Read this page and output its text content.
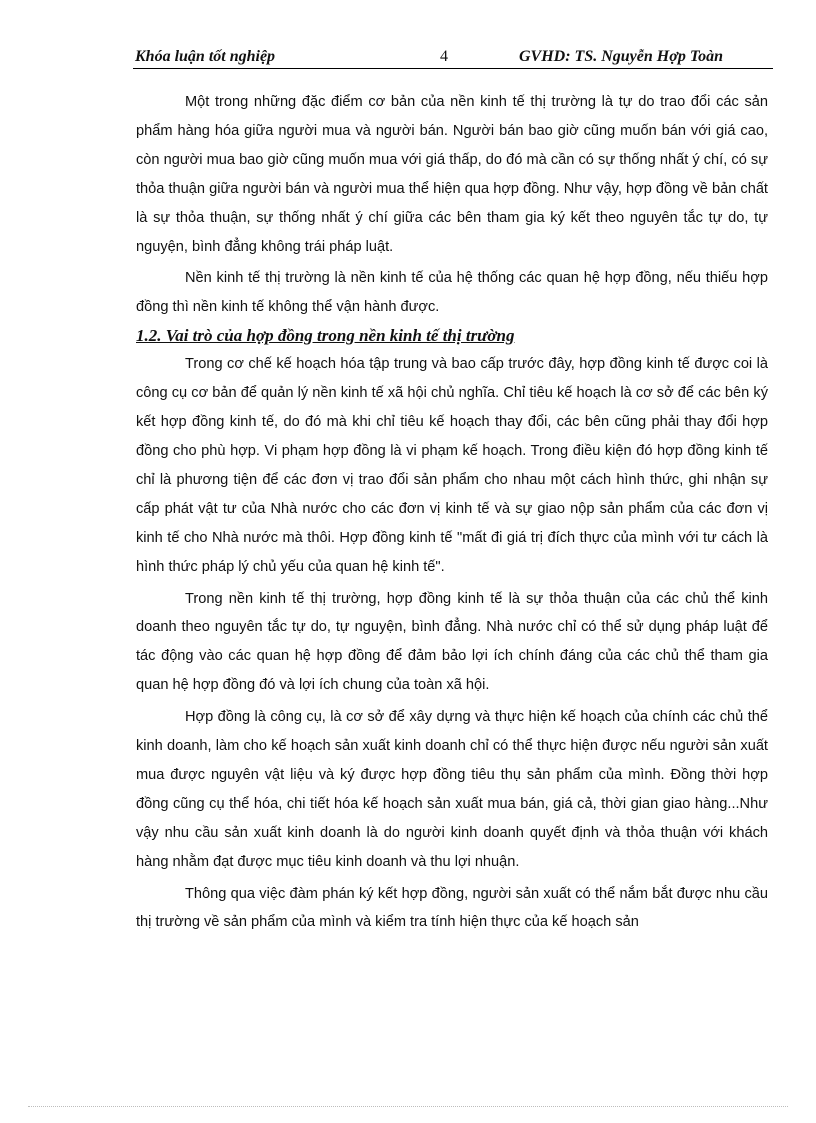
Khóa luận tốt nghiệp	4	GVHD: TS. Nguyễn Hợp Toàn

Một trong những đặc điểm cơ bản của nền kinh tế thị trường là tự do trao đổi các sản phẩm hàng hóa giữa người mua và người bán. Người bán bao giờ cũng muốn bán với giá cao, còn người mua bao giờ cũng muốn mua với giá thấp, do đó mà cần có sự thống nhất ý chí, có sự thỏa thuận giữa người bán và người mua thể hiện qua hợp đồng. Như vậy, hợp đồng về bản chất là sự thỏa thuận, sự thống nhất ý chí giữa các bên tham gia ký kết theo nguyên tắc tự do, tự nguyện, bình đẳng không trái pháp luật.

Nền kinh tế thị trường là nền kinh tế của hệ thống các quan hệ hợp đồng, nếu thiếu hợp đồng thì nền kinh tế không thể vận hành được.

1.2. Vai trò của hợp đồng trong nền kinh tế thị trường

Trong cơ chế kế hoạch hóa tập trung và bao cấp trước đây, hợp đồng kinh tế được coi là công cụ cơ bản để quản lý nền kinh tế xã hội chủ nghĩa. Chỉ tiêu kế hoạch là cơ sở để các bên ký kết hợp đồng kinh tế, do đó mà khi chỉ tiêu kế hoạch thay đổi, các bên cũng phải thay đổi hợp đồng cho phù hợp. Vi phạm hợp đồng là vi phạm kế hoạch. Trong điều kiện đó hợp đồng kinh tế chỉ là phương tiện để các đơn vị trao đổi sản phẩm cho nhau một cách hình thức, ghi nhận sự cấp phát vật tư của Nhà nước cho các đơn vị kinh tế và sự giao nộp sản phẩm của các đơn vị kinh tế cho Nhà nước mà thôi. Hợp đồng kinh tế "mất đi giá trị đích thực của mình với tư cách là hình thức pháp lý chủ yếu của quan hệ kinh tế".

Trong nền kinh tế thị trường, hợp đồng kinh tế là sự thỏa thuận của các chủ thể kinh doanh theo nguyên tắc tự do, tự nguyện, bình đẳng. Nhà nước chỉ có thể sử dụng pháp luật để tác động vào các quan hệ hợp đồng để đảm bảo lợi ích chính đáng của các chủ thể tham gia quan hệ hợp đồng đó và lợi ích chung của toàn xã hội.

Hợp đồng là công cụ, là cơ sở để xây dựng và thực hiện kế hoạch của chính các chủ thể kinh doanh, làm cho kế hoạch sản xuất kinh doanh chỉ có thể thực hiện được nếu người sản xuất mua được nguyên vật liệu và ký được hợp đồng tiêu thụ sản phẩm của mình. Đồng thời hợp đồng cũng cụ thể hóa, chi tiết hóa kế hoạch sản xuất mua bán, giá cả, thời gian giao hàng...Như vậy nhu cầu sản xuất kinh doanh là do người kinh doanh quyết định và thỏa thuận với khách hàng nhằm đạt được mục tiêu kinh doanh và thu lợi nhuận.

Thông qua việc đàm phán ký kết hợp đồng, người sản xuất có thể nắm bắt được nhu cầu thị trường về sản phẩm của mình và kiểm tra tính hiện thực của kế hoạch sản
